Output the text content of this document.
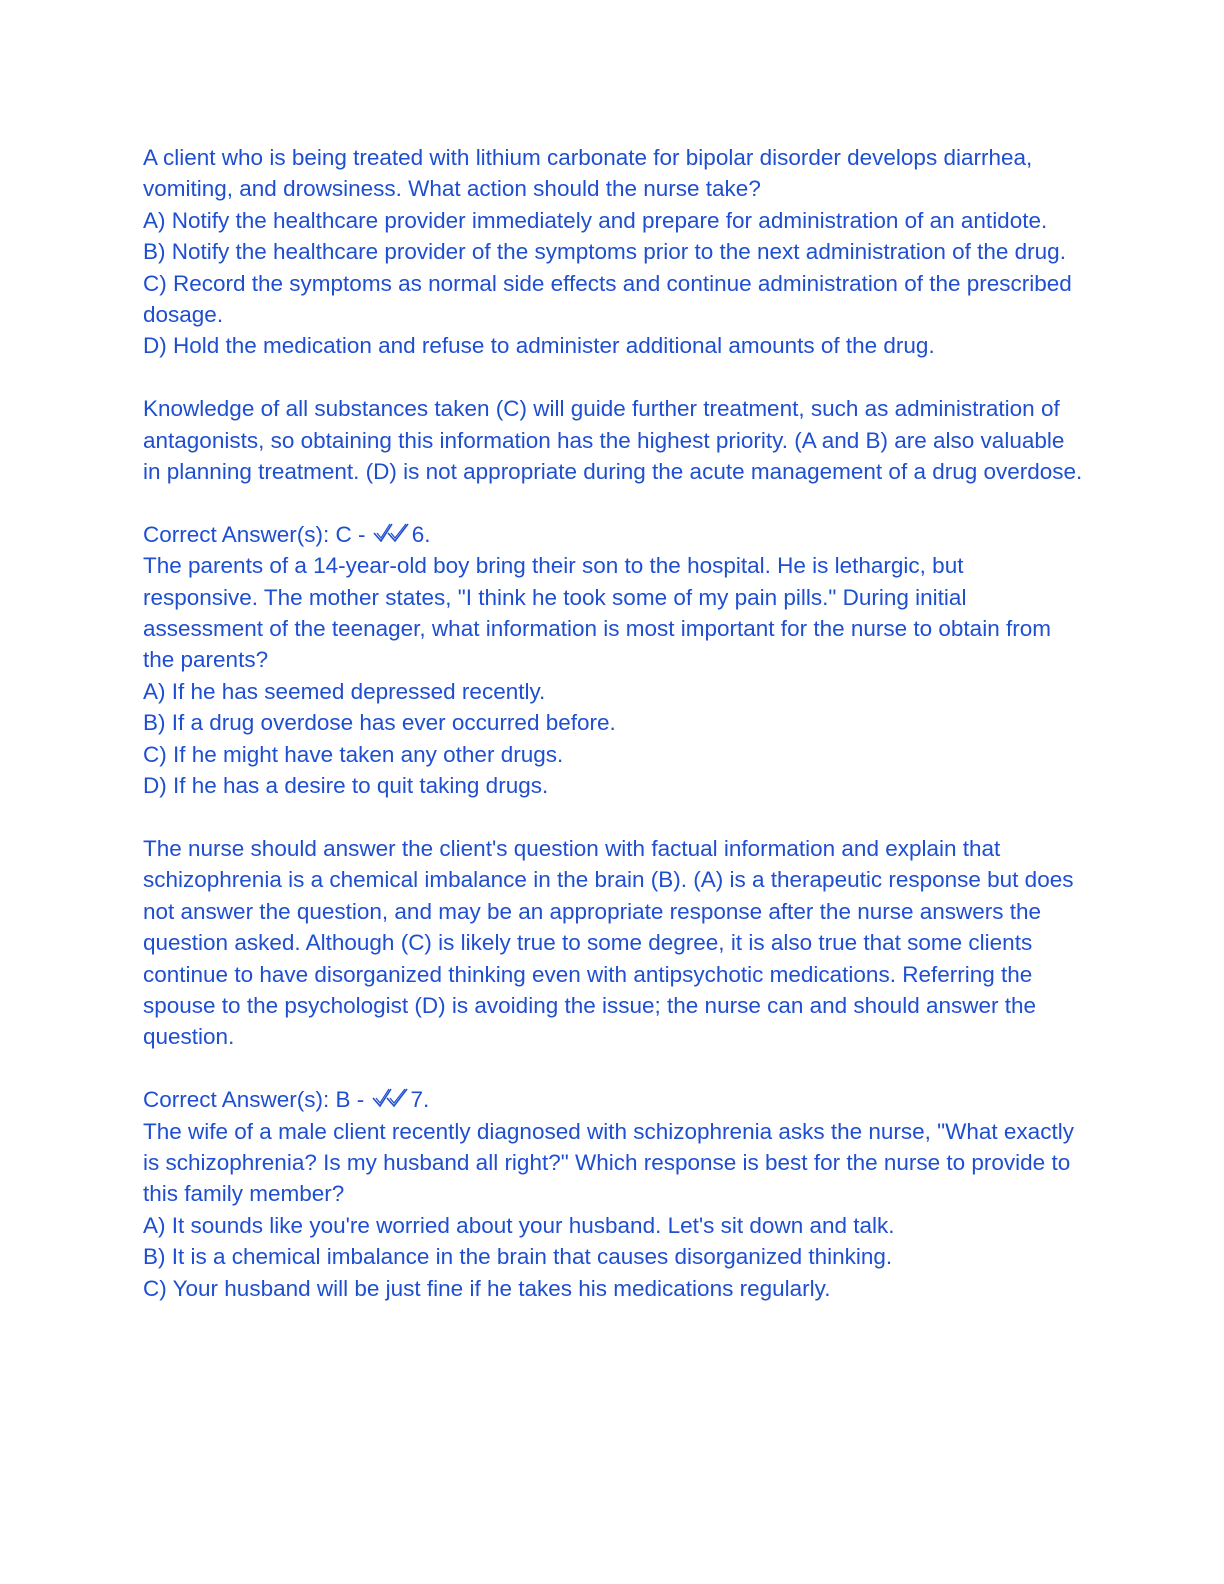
A client who is being treated with lithium carbonate for bipolar disorder develops diarrhea, vomiting, and drowsiness. What action should the nurse take?

A) Notify the healthcare provider immediately and prepare for administration of an antidote.

B) Notify the healthcare provider of the symptoms prior to the next administration of the drug.

C) Record the symptoms as normal side effects and continue administration of the prescribed dosage.

D) Hold the medication and refuse to administer additional amounts of the drug.

Knowledge of all substances taken (C) will guide further treatment, such as administration of antagonists, so obtaining this information has the highest priority. (A and B) are also valuable in planning treatment. (D) is not appropriate during the acute management of a drug overdose.

Correct Answer(s): C -
6.

The parents of a 14-year-old boy bring their son to the hospital. He is lethargic, but responsive. The mother states, "I think he took some of my pain pills." During initial assessment of the teenager, what information is most important for the nurse to obtain from the parents?

A) If he has seemed depressed recently.

B) If a drug overdose has ever occurred before.

C) If he might have taken any other drugs.

D) If he has a desire to quit taking drugs.

The nurse should answer the client's question with factual information and explain that schizophrenia is a chemical imbalance in the brain (B). (A) is a therapeutic response but does not answer the question, and may be an appropriate response after the nurse answers the question asked. Although (C) is likely true to some degree, it is also true that some clients continue to have disorganized thinking even with antipsychotic medications. Referring the spouse to the psychologist (D) is avoiding the issue; the nurse can and should answer the question.

Correct Answer(s): B -
7.

The wife of a male client recently diagnosed with schizophrenia asks the nurse, "What exactly is schizophrenia? Is my husband all right?" Which response is best for the nurse to provide to this family member?

A) It sounds like you're worried about your husband. Let's sit down and talk.

B) It is a chemical imbalance in the brain that causes disorganized thinking.

C) Your husband will be just fine if he takes his medications regularly.
